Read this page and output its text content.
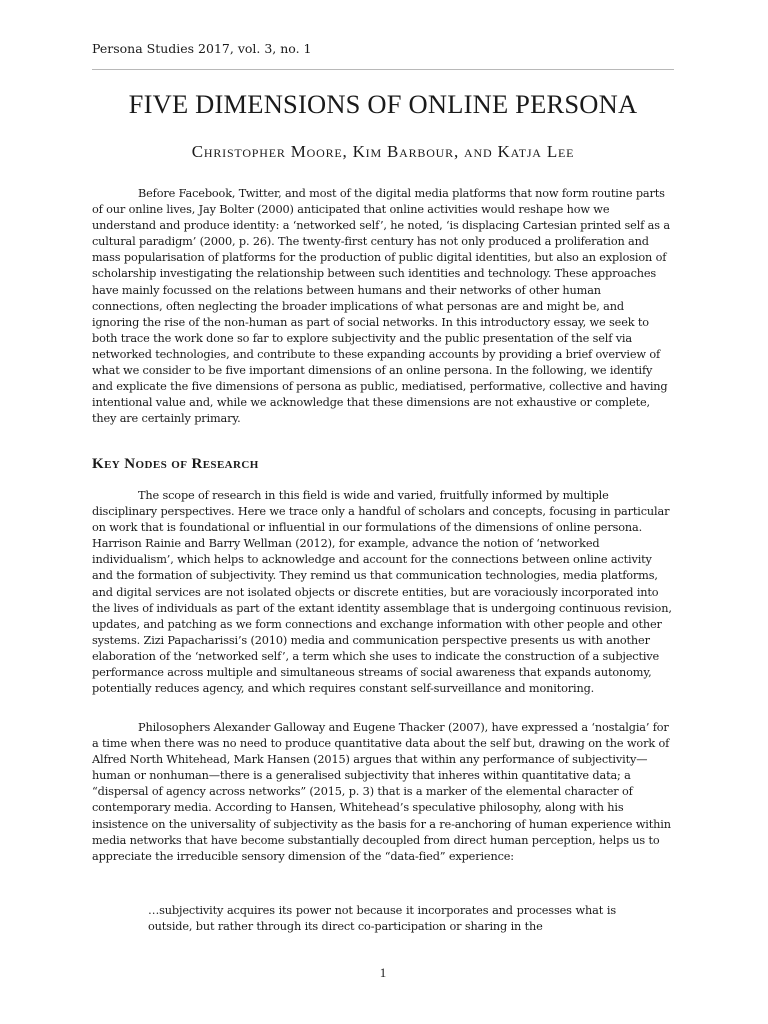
Persona Studies 2017, vol. 3, no. 1
FIVE DIMENSIONS OF ONLINE PERSONA
Christopher Moore, Kim Barbour, and Katja Lee
Before Facebook, Twitter, and most of the digital media platforms that now form routine parts of our online lives, Jay Bolter (2000) anticipated that online activities would reshape how we understand and produce identity: a ‘networked self’, he noted, ‘is displacing Cartesian printed self as a cultural paradigm’ (2000, p. 26). The twenty-first century has not only produced a proliferation and mass popularisation of platforms for the production of public digital identities, but also an explosion of scholarship investigating the relationship between such identities and technology. These approaches have mainly focussed on the relations between humans and their networks of other human connections, often neglecting the broader implications of what personas are and might be, and ignoring the rise of the non-human as part of social networks. In this introductory essay, we seek to both trace the work done so far to explore subjectivity and the public presentation of the self via networked technologies, and contribute to these expanding accounts by providing a brief overview of what we consider to be five important dimensions of an online persona. In the following, we identify and explicate the five dimensions of persona as public, mediatised, performative, collective and having intentional value and, while we acknowledge that these dimensions are not exhaustive or complete, they are certainly primary.
Key Nodes of Research
The scope of research in this field is wide and varied, fruitfully informed by multiple disciplinary perspectives. Here we trace only a handful of scholars and concepts, focusing in particular on work that is foundational or influential in our formulations of the dimensions of online persona. Harrison Rainie and Barry Wellman (2012), for example, advance the notion of ‘networked individualism’, which helps to acknowledge and account for the connections between online activity and the formation of subjectivity. They remind us that communication technologies, media platforms, and digital services are not isolated objects or discrete entities, but are voraciously incorporated into the lives of individuals as part of the extant identity assemblage that is undergoing continuous revision, updates, and patching as we form connections and exchange information with other people and other systems. Zizi Papacharissi’s (2010) media and communication perspective presents us with another elaboration of the ‘networked self’, a term which she uses to indicate the construction of a subjective performance across multiple and simultaneous streams of social awareness that expands autonomy, potentially reduces agency, and which requires constant self-surveillance and monitoring.
Philosophers Alexander Galloway and Eugene Thacker (2007), have expressed a ‘nostalgia’ for a time when there was no need to produce quantitative data about the self but, drawing on the work of Alfred North Whitehead, Mark Hansen (2015) argues that within any performance of subjectivity—human or nonhuman—there is a generalised subjectivity that inheres within quantitative data; a “dispersal of agency across networks” (2015, p. 3) that is a marker of the elemental character of contemporary media. According to Hansen, Whitehead’s speculative philosophy, along with his insistence on the universality of subjectivity as the basis for a re-anchoring of human experience within media networks that have become substantially decoupled from direct human perception, helps us to appreciate the irreducible sensory dimension of the “data-fied” experience:
…subjectivity acquires its power not because it incorporates and processes what is outside, but rather through its direct co-participation or sharing in the
1
